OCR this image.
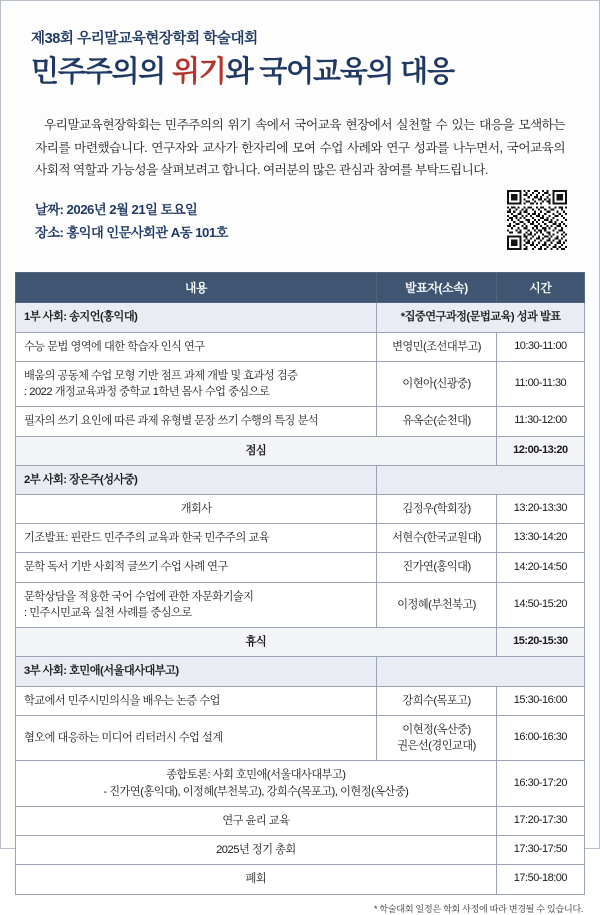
제38회 우리말교육현장학회 학술대회
민주주의의 위기와 국어교육의 대응
우리말교육현장학회는 민주주의의 위기 속에서 국어교육 현장에서 실천할 수 있는 대응을 모색하는 자리를 마련했습니다. 연구자와 교사가 한자리에 모여 수업 사례와 연구 성과를 나누면서, 국어교육의 사회적 역할과 가능성을 살펴보려고 합니다. 여러분의 많은 관심과 참여를 부탁드립니다.
날짜: 2026년 2월 21일 토요일
장소: 홍익대 인문사회관 A동 101호
내용	발표자(소속)	시간
1부 사회: 송지언(홍익대)	*집중연구과정(문법교육) 성과 발표	
수능 문법 영역에 대한 학습자 인식 연구	변영민(조선대부고)	10:30-11:00
배움의 공동체 수업 모형 기반 점프 과제 개발 및 효과성 검증
: 2022 개정교육과정 중학교 1학년 몸사 수업 중심으로	이현아(신광중)	11:00-11:30
필자의 쓰기 요인에 따른 과제 유형별 문장 쓰기 수행의 특징 분석	유옥순(순천대)	11:30-12:00
점심		12:00-13:20
2부 사회: 장은주(성사중)		
개회사	김정우(학회장)	13:20-13:30
기조발표: 핀란드 민주주의 교육과 한국 민주주의 교육	서현수(한국교원대)	13:30-14:20
문학 독서 기반 사회적 글쓰기 수업 사례 연구	진가연(홍익대)	14:20-14:50
문학상담을 적용한 국어 수업에 관한 자문화기술지
: 민주시민교육 실천 사례를 중심으로	이정혜(부천북고)	14:50-15:20
휴식		15:20-15:30
3부 사회: 호민애(서울대사대부고)		
학교에서 민주시민의식을 배우는 논증 수업	강희수(목포고)	15:30-16:00
혐오에 대응하는 미디어 리터러시 수업 설계	이현정(옥산중)
권은선(경인교대)	16:00-16:30
종합토론: 사회 호민애(서울대사대부고)
- 진가연(홍익대), 이정혜(부천북고), 강희수(목포고), 이현정(옥산중)		16:30-17:20
연구 윤리 교육		17:20-17:30
2025년 정기 총회		17:30-17:50
폐회		17:50-18:00
* 학술대회 일정은 학회 사정에 따라 변경될 수 있습니다.
